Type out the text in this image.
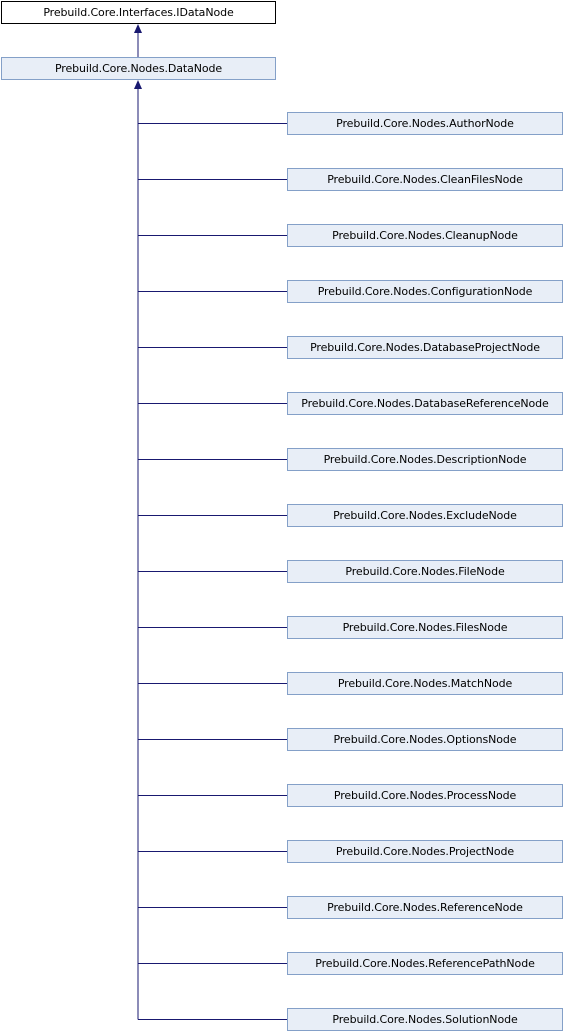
Prebuild.Core.Interfaces.IDataNode
Prebuild.Core.Nodes.DataNode
Prebuild.Core.Nodes.AuthorNode
Prebuild.Core.Nodes.CleanFilesNode
Prebuild.Core.Nodes.CleanupNode
Prebuild.Core.Nodes.ConfigurationNode
Prebuild.Core.Nodes.DatabaseProjectNode
Prebuild.Core.Nodes.DatabaseReferenceNode
Prebuild.Core.Nodes.DescriptionNode
Prebuild.Core.Nodes.ExcludeNode
Prebuild.Core.Nodes.FileNode
Prebuild.Core.Nodes.FilesNode
Prebuild.Core.Nodes.MatchNode
Prebuild.Core.Nodes.OptionsNode
Prebuild.Core.Nodes.ProcessNode
Prebuild.Core.Nodes.ProjectNode
Prebuild.Core.Nodes.ReferenceNode
Prebuild.Core.Nodes.ReferencePathNode
Prebuild.Core.Nodes.SolutionNode
